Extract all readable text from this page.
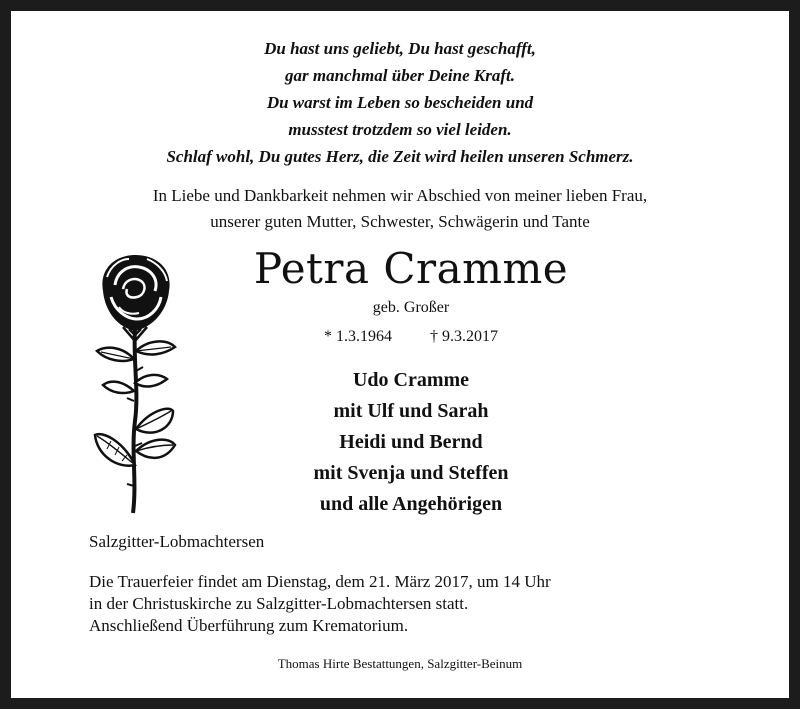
Du hast uns geliebt, Du hast geschafft,
gar manchmal über Deine Kraft.
Du warst im Leben so bescheiden und
musstest trotzdem so viel leiden.
Schlaf wohl, Du gutes Herz, die Zeit wird heilen unseren Schmerz.
In Liebe und Dankbarkeit nehmen wir Abschied von meiner lieben Frau,
unserer guten Mutter, Schwester, Schwägerin und Tante
Petra Cramme
geb. Großer
* 1.3.1964 † 9.3.2017
Udo Cramme
mit Ulf und Sarah
Heidi und Bernd
mit Svenja und Steffen
und alle Angehörigen
Salzgitter-Lobmachtersen
Die Trauerfeier findet am Dienstag, dem 21. März 2017, um 14 Uhr
in der Christuskirche zu Salzgitter-Lobmachtersen statt.
Anschließend Überführung zum Krematorium.
Thomas Hirte Bestattungen, Salzgitter-Beinum
